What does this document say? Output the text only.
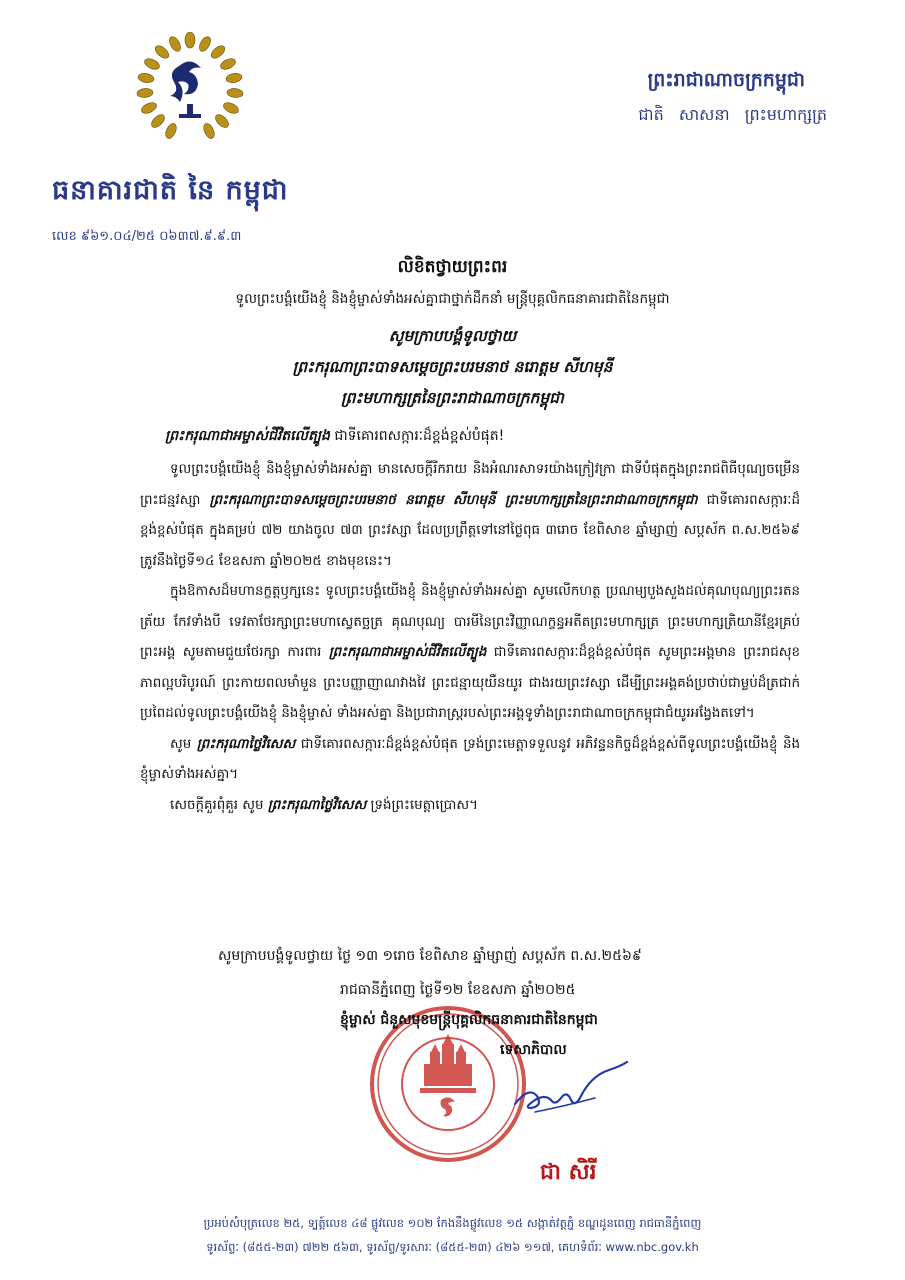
ធនាគារជាតិ នៃ កម្ពុជា
លេខ ៩៦១.០៤/២៥ ០៦៣៧.៩.៩.៣
ព្រះរាជាណាចក្រកម្ពុជា
ជាតិ សាសនា ព្រះមហាក្សត្រ
លិខិតថ្វាយព្រះពរ
ទូលព្រះបង្គំយើងខ្ញុំ និងខ្ញុំម្ចាស់ទាំងអស់គ្នាជាថ្នាក់ដឹកនាំ មន្ត្រីបុគ្គលិកធនាគារជាតិនៃកម្ពុជា
សូមក្រាបបង្គំទូលថ្វាយ
ព្រះករុណាព្រះបាទសម្តេចព្រះបរមនាថ នរោត្តម សីហមុនី
ព្រះមហាក្សត្រនៃព្រះរាជាណាចក្រកម្ពុជា
ព្រះករុណាជាអម្ចាស់ជីវិតលើត្បូង ជាទីគោរពសក្ការៈដ៏ខ្ពង់ខ្ពស់បំផុត!

ទូលព្រះបង្គំយើងខ្ញុំ និងខ្ញុំម្ចាស់ទាំងអស់គ្នា មានសេចក្តីរីករាយ និងអំណរសាទរយ៉ាងក្រៀវក្រា ជាទីបំផុតក្នុងព្រះរាជពិធីបុណ្យចម្រើនព្រះជន្មវស្សា ព្រះករុណាព្រះបាទសម្តេចព្រះបរមនាថ នរោត្តម សីហមុនី ព្រះមហាក្សត្រនៃព្រះរាជាណាចក្រកម្ពុជា ជាទីគោរពសក្ការៈដ៏ខ្ពង់ខ្ពស់បំផុត ក្នុងគម្រប់ ៧២ យាងចូល ៧៣ ព្រះវស្សា ដែលប្រព្រឹត្តទៅនៅថ្ងៃពុធ ៣រោច ខែពិសាខ ឆ្នាំម្សាញ់ សប្តស័ក ព.ស.២៥៦៩ ត្រូវនឹងថ្ងៃទី១៤ ខែឧសភា ឆ្នាំ២០២៥ ខាងមុខនេះ។

ក្នុងឱកាសដ៏មហានក្ខត្តឫក្សនេះ ទូលព្រះបង្គំយើងខ្ញុំ និងខ្ញុំម្ចាស់ទាំងអស់គ្នា សូមលើកហត្ថ ប្រណម្យបួងសួងដល់គុណបុណ្យព្រះរតនត្រ័យ កែវទាំងបី ទេវតាថែរក្សាព្រះមហាស្វេតច្ឆត្រ គុណបុណ្យ បារមីនៃព្រះវិញ្ញាណក្ខន្ធអតីតព្រះមហាក្សត្រ ព្រះមហាក្សត្រិយានីខ្មែរគ្រប់ព្រះអង្គ សូមតាមជួយថែរក្សា ការពារ ព្រះករុណាជាអម្ចាស់ជីវិតលើត្បូង ជាទីគោរពសក្ការៈដ៏ខ្ពង់ខ្ពស់បំផុត សូមព្រះអង្គមាន ព្រះរាជសុខភាពល្អបរិបូរណ៍ ព្រះកាយពលមាំមួន ព្រះបញ្ញាញាណវាងវៃ ព្រះជន្មាយុយឺនយូរ ជាងរយព្រះវស្សា ដើម្បីព្រះអង្គគង់ប្រថាប់ជាម្លប់ដ៏ត្រជាក់ប្រពៃដល់ទូលព្រះបង្គំយើងខ្ញុំ និងខ្ញុំម្ចាស់ ទាំងអស់គ្នា និងប្រជារាស្ត្ររបស់ព្រះអង្គទូទាំងព្រះរាជាណាចក្រកម្ពុជាជំយូរអង្វែងតទៅ។

សូម ព្រះករុណាថ្លៃវិសេស ជាទីគោរពសក្ការៈដ៏ខ្ពង់ខ្ពស់បំផុត ទ្រង់ព្រះមេត្តាទទួលនូវ អភិវន្ទនកិច្ចដ៏ខ្ពង់ខ្ពស់ពីទូលព្រះបង្គំយើងខ្ញុំ និងខ្ញុំម្ចាស់ទាំងអស់គ្នា។

សេចក្តីគួរពុំគួរ សូម ព្រះករុណាថ្លៃវិសេស ទ្រង់ព្រះមេត្តាប្រោស។

សូមក្រាបបង្គំទូលថ្វាយ ថ្ងៃ ១៣ ១រោច ខែពិសាខ ឆ្នាំម្សាញ់ សប្តស័ក ព.ស.២៥៦៩
រាជធានីភ្នំពេញ ថ្ងៃទី១២ ខែឧសភា ឆ្នាំ២០២៥
ខ្ញុំម្ចាស់ ជំនួសមុខមន្ត្រីបុគ្គលិកធនាគារជាតិនៃកម្ពុជា
ទេសាភិបាល
ជា សិរី
ប្រអប់សំបុត្រលេខ ២៥, ទ្បត្ត៍លេខ ៤៨ ផ្លូវលេខ ១០២ កែងនឹងផ្លូវលេខ ១៥ សង្កាត់វត្តភ្នំ ខណ្ឌដូនពេញ រាជធានីភ្នំពេញ
ទូរស័ព្ទៈ (៨៥៥-២៣) ៧២២ ៥៦៣, ទូរស័ព្ទ/ទូរសារៈ (៨៥៥-២៣) ៤២៦ ១១៧, គេហទំព័រៈ www.nbc.gov.kh
